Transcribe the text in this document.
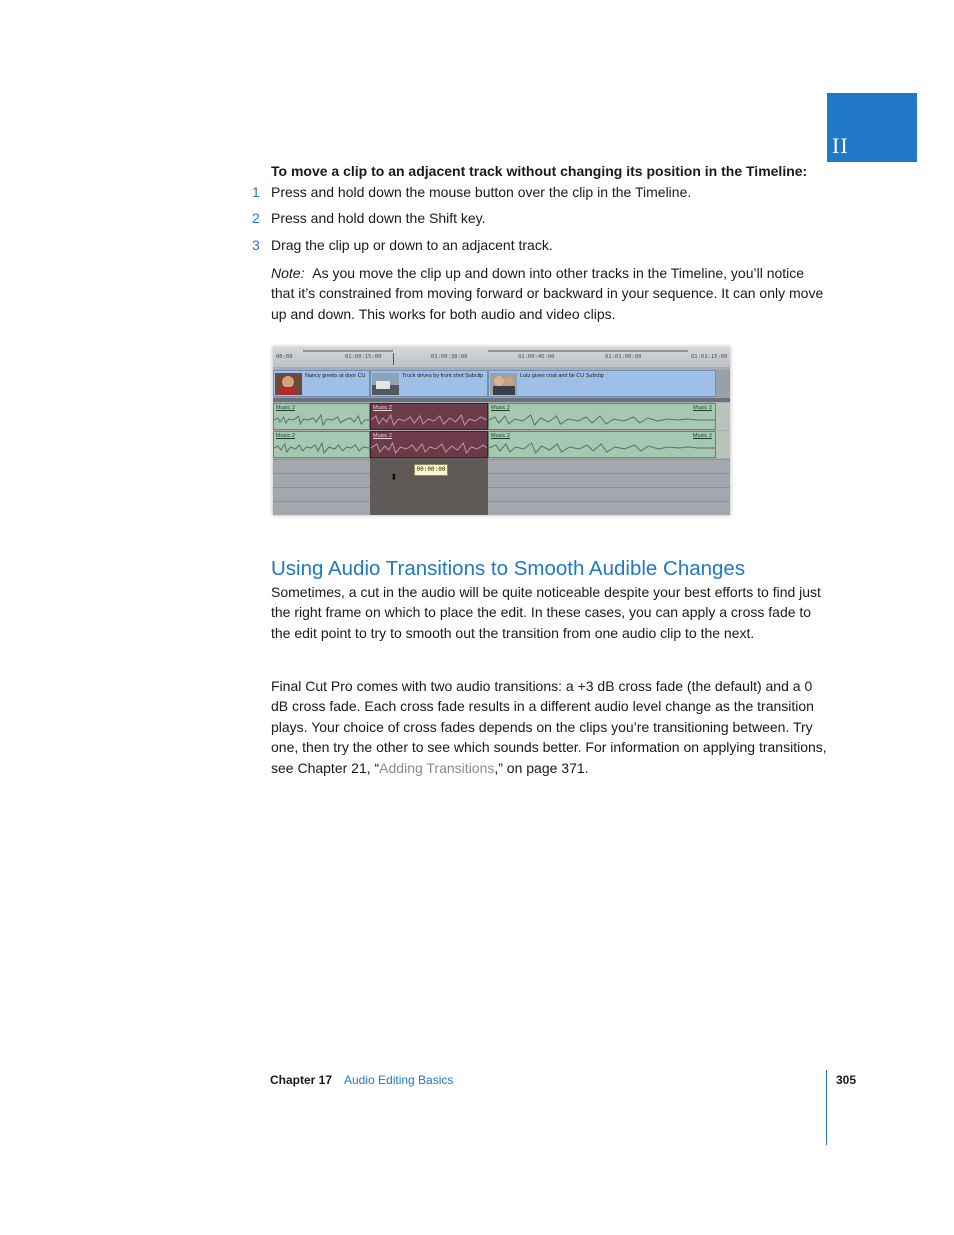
II
To move a clip to an adjacent track without changing its position in the Timeline:
1 Press and hold down the mouse button over the clip in the Timeline.
2 Press and hold down the Shift key.
3 Drag the clip up or down to an adjacent track.
Note: As you move the clip up and down into other tracks in the Timeline, you’ll notice that it’s constrained from moving forward or backward in your sequence. It can only move up and down. This works for both audio and video clips.
00:00	01:00:15:00	01:00:30:00	01:00:45:00	01:01:00:00	01:01:15:00
Nancy greets at door CU	Truck drives by front shot Subclip	Lulu gives coat and tie CU Subclip
Music 2	Music 2	Music 2	Music 2
Music 2	Music 2	Music 2	Music 2
00:00:00
⬍
Using Audio Transitions to Smooth Audible Changes
Sometimes, a cut in the audio will be quite noticeable despite your best efforts to find just the right frame on which to place the edit. In these cases, you can apply a cross fade to the edit point to try to smooth out the transition from one audio clip to the next.
Final Cut Pro comes with two audio transitions: a +3 dB cross fade (the default) and a 0 dB cross fade. Each cross fade results in a different audio level change as the transition plays. Your choice of cross fades depends on the clips you’re transitioning between. Try one, then try the other to see which sounds better. For information on applying transitions, see Chapter 21, “Adding Transitions,” on page 371.
Chapter 17 Audio Editing Basics	305
